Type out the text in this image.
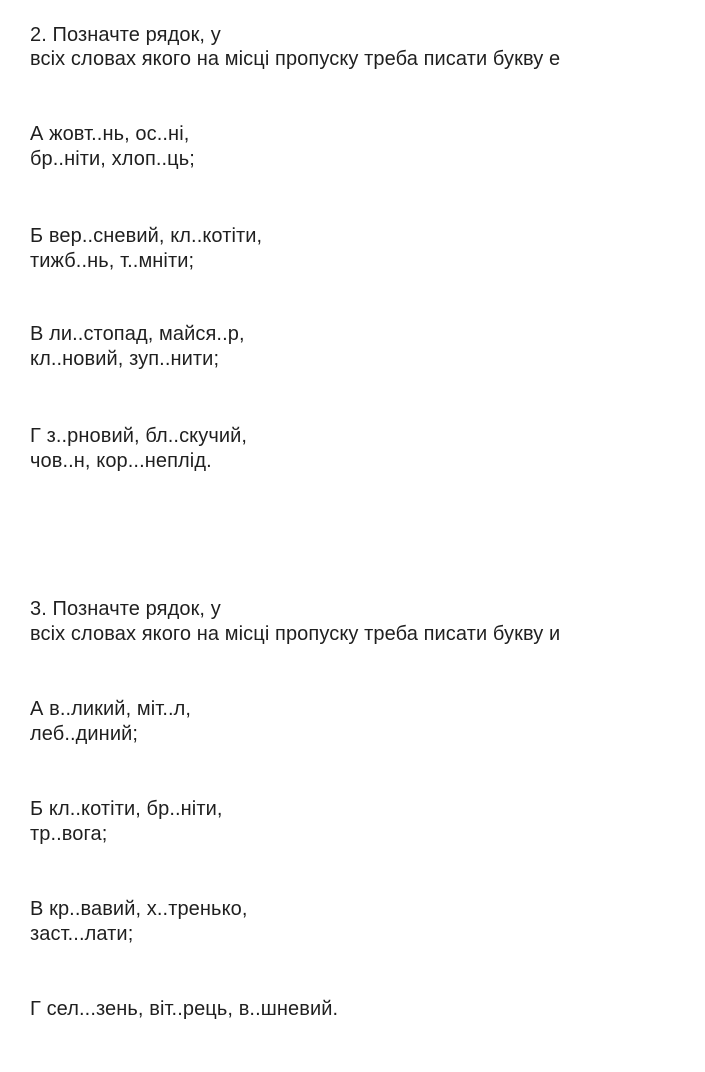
2. Позначте рядок, у
всіх словах якого на місці пропуску треба писати букву е
А жовт..нь, ос..ні,
бр..ніти, хлоп..ць;
Б вер..сневий, кл..котіти,
тижб..нь, т..мніти;
В ли..стопад, майся..р,
кл..новий, зуп..нити;
Г з..рновий, бл..скучий,
чов..н, кор...неплід.
3. Позначте рядок, у
всіх словах якого на місці пропуску треба писати букву и
А в..ликий, міт..л,
леб..диний;
Б кл..котіти, бр..ніти,
тр..вога;
В кр..вавий, х..тренько,
заст...лати;
Г сел...зень, віт..рець, в..шневий.
